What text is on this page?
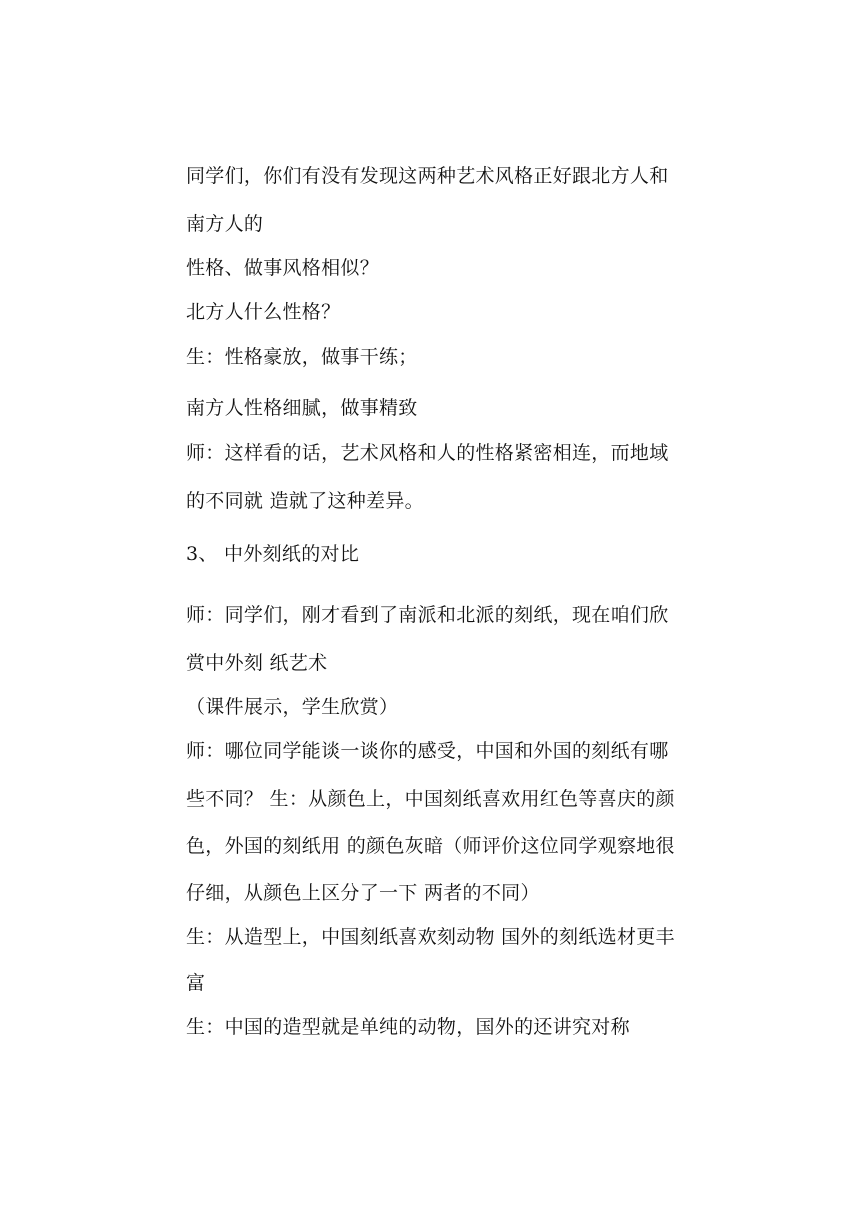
同学们，你们有没有发现这两种艺术风格正好跟北方人和
南方人的
性格、做事风格相似？
北方人什么性格？
生：性格豪放，做事干练；
南方人性格细腻，做事精致
师：这样看的话，艺术风格和人的性格紧密相连，而地域
的不同就 造就了这种差异。
3、 中外刻纸的对比
师：同学们，刚才看到了南派和北派的刻纸，现在咱们欣
赏中外刻 纸艺术
（课件展示，学生欣赏）
师：哪位同学能谈一谈你的感受，中国和外国的刻纸有哪
些不同？ 生：从颜色上，中国刻纸喜欢用红色等喜庆的颜
色，外国的刻纸用 的颜色灰暗（师评价这位同学观察地很
仔细，从颜色上区分了一下 两者的不同）
生：从造型上，中国刻纸喜欢刻动物 国外的刻纸选材更丰
富
生：中国的造型就是单纯的动物，国外的还讲究对称
